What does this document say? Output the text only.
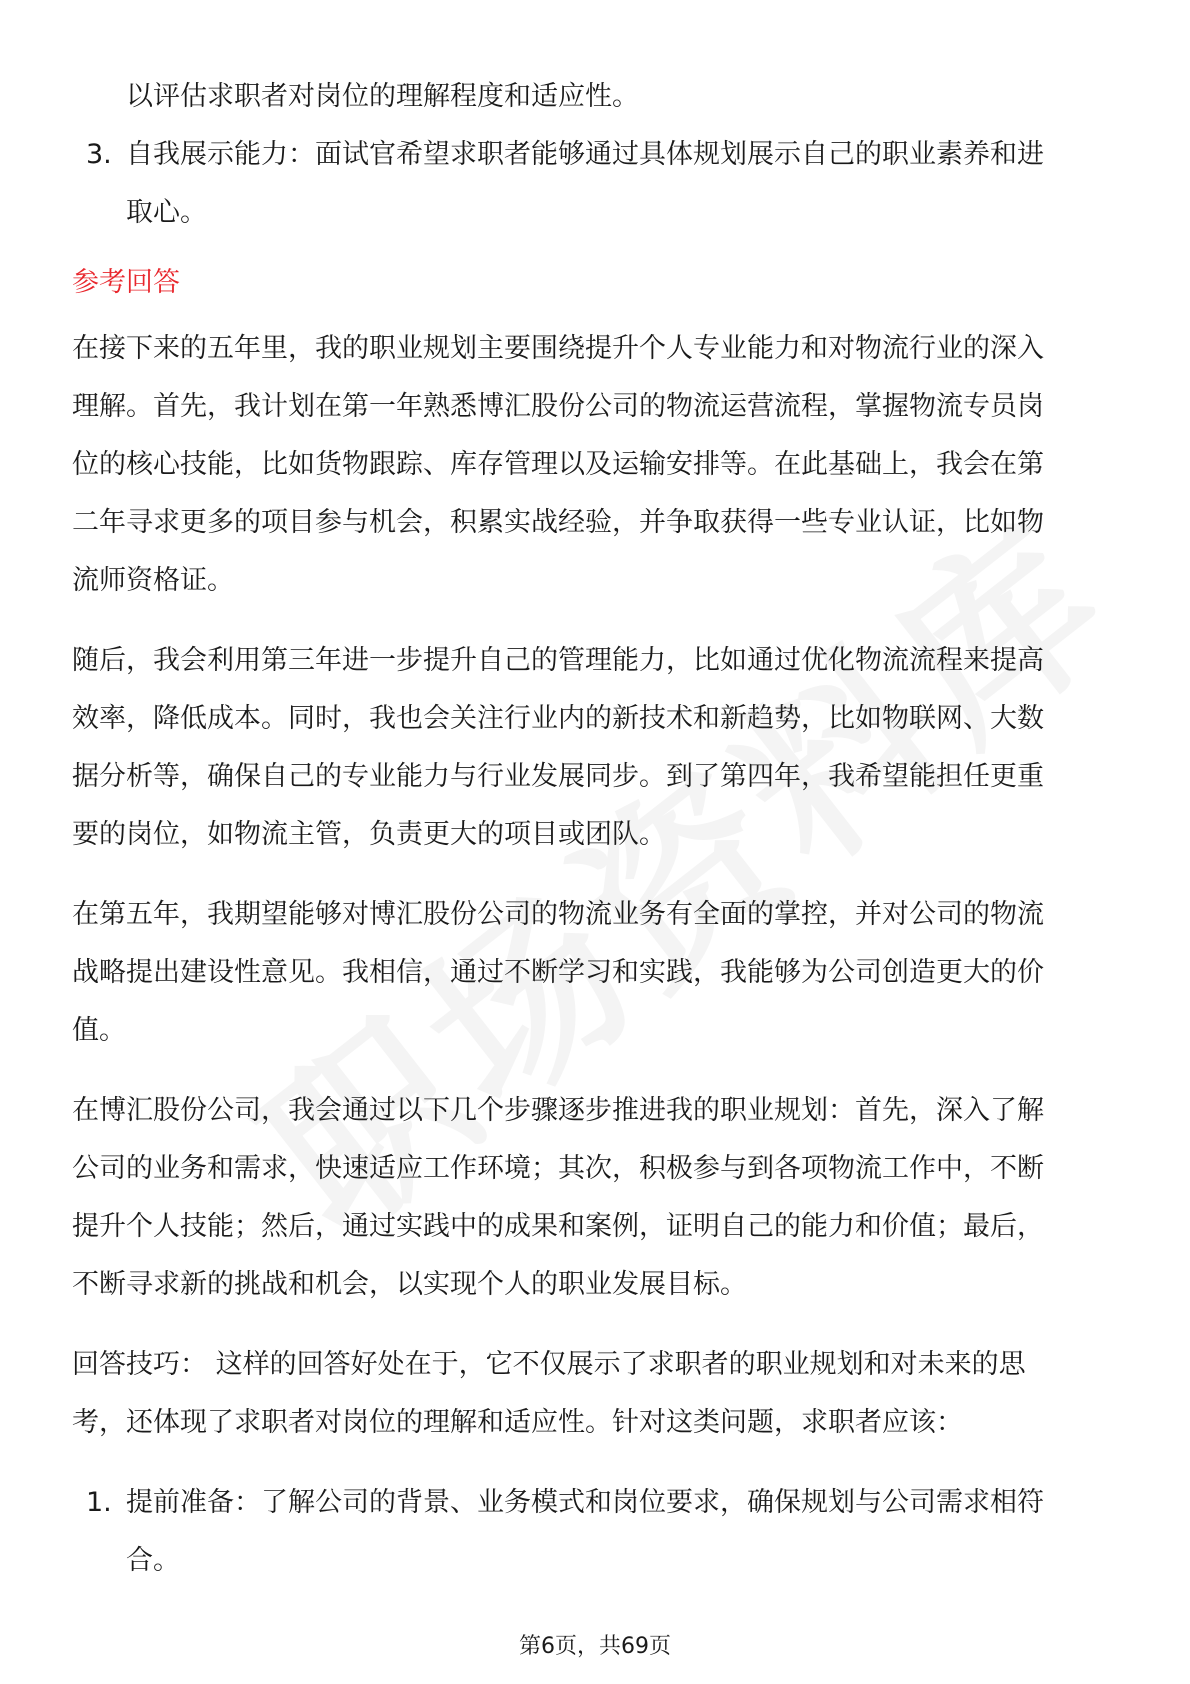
以评估求职者对岗位的理解程度和适应性。
3. 自我展示能力：面试官希望求职者能够通过具体规划展示自己的职业素养和进
取心。
参考回答
在接下来的五年里，我的职业规划主要围绕提升个人专业能力和对物流行业的深入
理解。首先，我计划在第一年熟悉博汇股份公司的物流运营流程，掌握物流专员岗
位的核心技能，比如货物跟踪、库存管理以及运输安排等。在此基础上，我会在第
二年寻求更多的项目参与机会，积累实战经验，并争取获得一些专业认证，比如物
流师资格证。
随后，我会利用第三年进一步提升自己的管理能力，比如通过优化物流流程来提高
效率，降低成本。同时，我也会关注行业内的新技术和新趋势，比如物联网、大数
据分析等，确保自己的专业能力与行业发展同步。到了第四年，我希望能担任更重
要的岗位，如物流主管，负责更大的项目或团队。
在第五年，我期望能够对博汇股份公司的物流业务有全面的掌控，并对公司的物流
战略提出建设性意见。我相信，通过不断学习和实践，我能够为公司创造更大的价
值。
在博汇股份公司，我会通过以下几个步骤逐步推进我的职业规划：首先，深入了解
公司的业务和需求，快速适应工作环境；其次，积极参与到各项物流工作中，不断
提升个人技能；然后，通过实践中的成果和案例，证明自己的能力和价值；最后，
不断寻求新的挑战和机会，以实现个人的职业发展目标。
回答技巧： 这样的回答好处在于，它不仅展示了求职者的职业规划和对未来的思
考，还体现了求职者对岗位的理解和适应性。针对这类问题，求职者应该：
1. 提前准备：了解公司的背景、业务模式和岗位要求，确保规划与公司需求相符
合。
第6页，共69页
